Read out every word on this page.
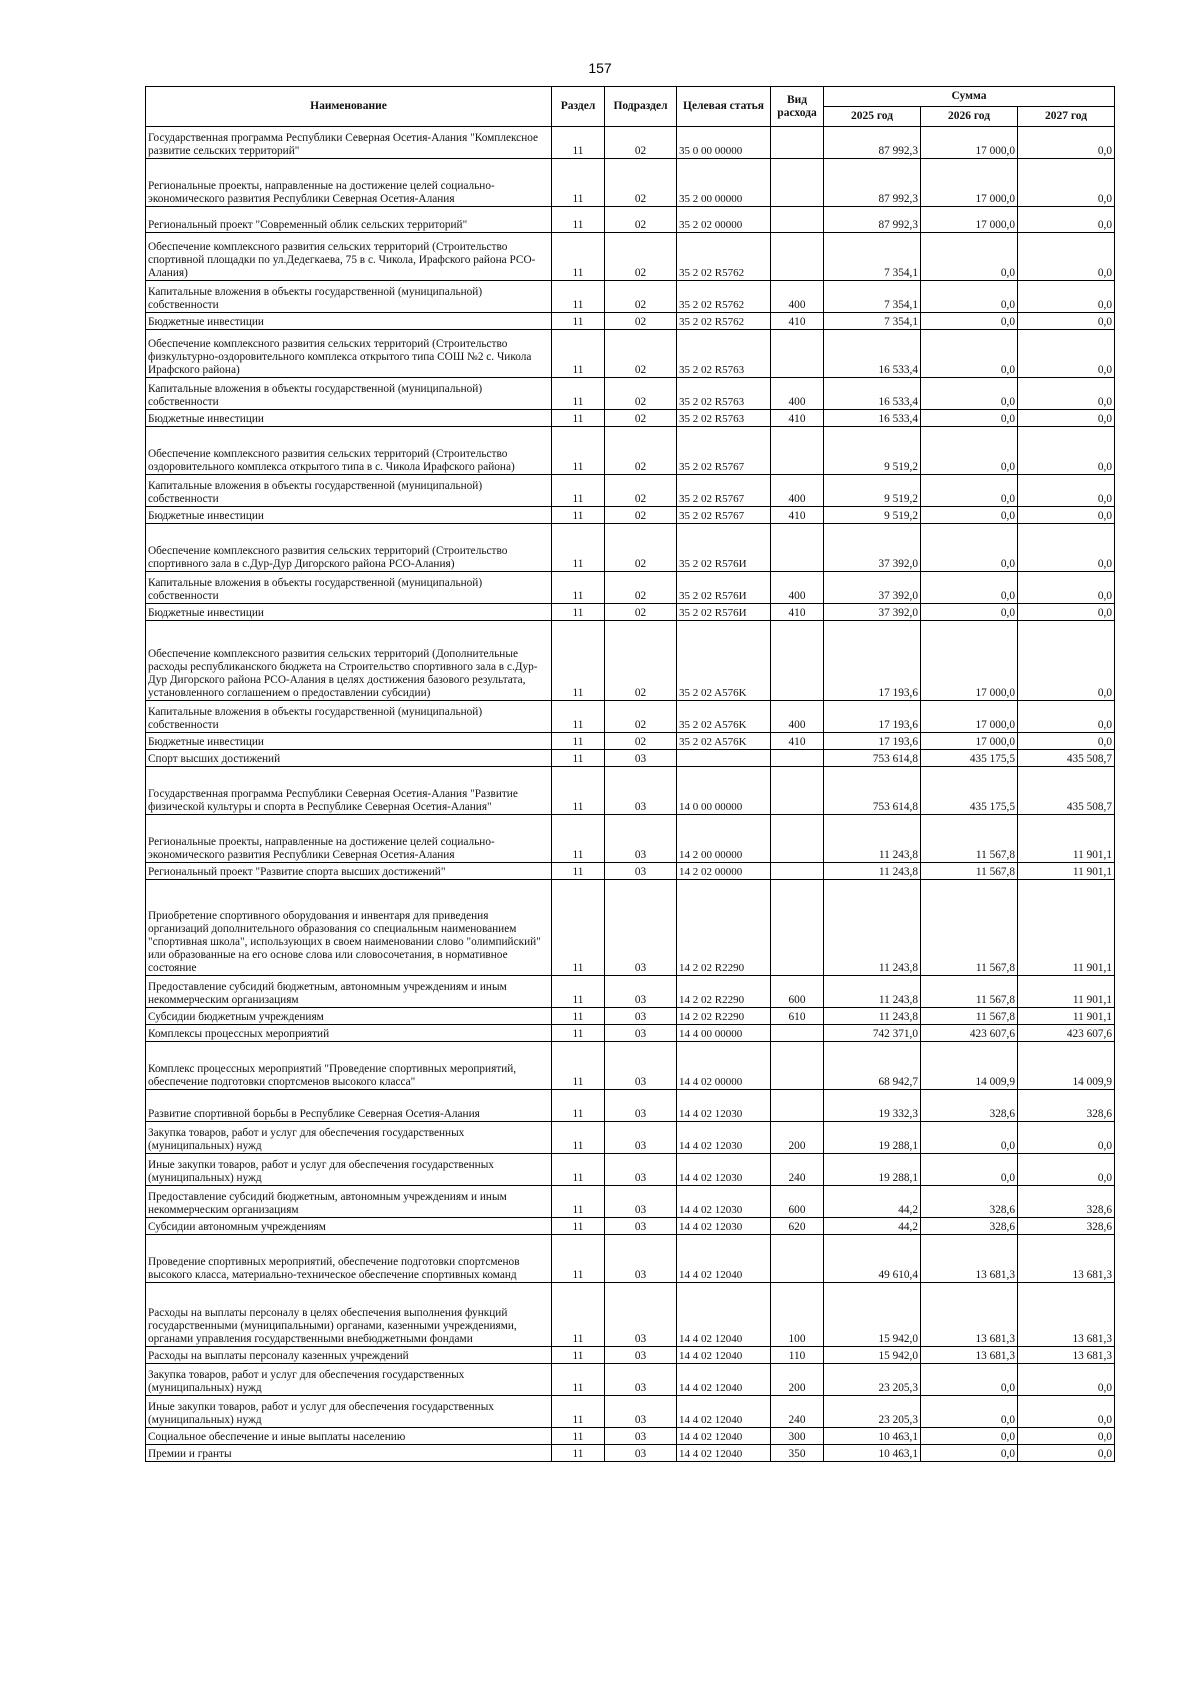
157
Наименование	Раздел	Подраздел	Целевая статья	Вид расхода	Сумма		
					2025 год	2026 год	2027 год
Государственная программа Республики Северная Осетия-Алания "Комплексное развитие сельских территорий"	11	02	35 0 00 00000		87 992,3	17 000,0	0,0
Региональные проекты, направленные на достижение целей социально-экономического развития Республики Северная Осетия-Алания	11	02	35 2 00 00000		87 992,3	17 000,0	0,0
Региональный проект "Современный облик сельских территорий"	11	02	35 2 02 00000		87 992,3	17 000,0	0,0
Обеспечение комплексного развития сельских территорий (Строительство спортивной площадки по ул.Дедегкаева, 75 в с. Чикола, Ирафского района РСО-Алания)	11	02	35 2 02 R5762		7 354,1	0,0	0,0
Капитальные вложения в объекты государственной (муниципальной) собственности	11	02	35 2 02 R5762	400	7 354,1	0,0	0,0
Бюджетные инвестиции	11	02	35 2 02 R5762	410	7 354,1	0,0	0,0
Обеспечение комплексного развития сельских территорий (Строительство физкультурно-оздоровительного комплекса открытого типа СОШ №2 с. Чикола Ирафского района)	11	02	35 2 02 R5763		16 533,4	0,0	0,0
Капитальные вложения в объекты государственной (муниципальной) собственности	11	02	35 2 02 R5763	400	16 533,4	0,0	0,0
Бюджетные инвестиции	11	02	35 2 02 R5763	410	16 533,4	0,0	0,0
Обеспечение комплексного развития сельских территорий (Строительство оздоровительного комплекса открытого типа в с. Чикола Ирафского района)	11	02	35 2 02 R5767		9 519,2	0,0	0,0
Капитальные вложения в объекты государственной (муниципальной) собственности	11	02	35 2 02 R5767	400	9 519,2	0,0	0,0
Бюджетные инвестиции	11	02	35 2 02 R5767	410	9 519,2	0,0	0,0
Обеспечение комплексного развития сельских территорий (Строительство спортивного зала в с.Дур-Дур Дигорского района РСО-Алания)	11	02	35 2 02 R576И		37 392,0	0,0	0,0
Капитальные вложения в объекты государственной (муниципальной) собственности	11	02	35 2 02 R576И	400	37 392,0	0,0	0,0
Бюджетные инвестиции	11	02	35 2 02 R576И	410	37 392,0	0,0	0,0
Обеспечение комплексного развития сельских территорий (Дополнительные расходы республиканского бюджета на Строительство спортивного зала в с.Дур-Дур Дигорского района РСО-Алания в целях достижения базового результата, установленного соглашением о предоставлении субсидии)	11	02	35 2 02 A576K		17 193,6	17 000,0	0,0
Капитальные вложения в объекты государственной (муниципальной) собственности	11	02	35 2 02 A576K	400	17 193,6	17 000,0	0,0
Бюджетные инвестиции	11	02	35 2 02 A576K	410	17 193,6	17 000,0	0,0
Спорт высших достижений	11	03			753 614,8	435 175,5	435 508,7
Государственная программа Республики Северная Осетия-Алания "Развитие физической культуры и спорта в Республике Северная Осетия-Алания"	11	03	14 0 00 00000		753 614,8	435 175,5	435 508,7
Региональные проекты, направленные на достижение целей социально-экономического развития Республики Северная Осетия-Алания	11	03	14 2 00 00000		11 243,8	11 567,8	11 901,1
Региональный проект "Развитие спорта высших достижений"	11	03	14 2 02 00000		11 243,8	11 567,8	11 901,1
Приобретение спортивного оборудования и инвентаря для приведения организаций дополнительного образования со специальным наименованием "спортивная школа", использующих в своем наименовании слово "олимпийский" или образованные на его основе слова или словосочетания, в нормативное состояние	11	03	14 2 02 R2290		11 243,8	11 567,8	11 901,1
Предоставление субсидий бюджетным, автономным учреждениям и иным некоммерческим организациям	11	03	14 2 02 R2290	600	11 243,8	11 567,8	11 901,1
Субсидии бюджетным учреждениям	11	03	14 2 02 R2290	610	11 243,8	11 567,8	11 901,1
Комплексы процессных мероприятий	11	03	14 4 00 00000		742 371,0	423 607,6	423 607,6
Комплекс процессных мероприятий "Проведение спортивных мероприятий, обеспечение подготовки спортсменов высокого класса"	11	03	14 4 02 00000		68 942,7	14 009,9	14 009,9
Развитие спортивной борьбы в Республике Северная Осетия-Алания	11	03	14 4 02 12030		19 332,3	328,6	328,6
Закупка товаров, работ и услуг для обеспечения государственных (муниципальных) нужд	11	03	14 4 02 12030	200	19 288,1	0,0	0,0
Иные закупки товаров, работ и услуг для обеспечения государственных (муниципальных) нужд	11	03	14 4 02 12030	240	19 288,1	0,0	0,0
Предоставление субсидий бюджетным, автономным учреждениям и иным некоммерческим организациям	11	03	14 4 02 12030	600	44,2	328,6	328,6
Субсидии автономным учреждениям	11	03	14 4 02 12030	620	44,2	328,6	328,6
Проведение спортивных мероприятий, обеспечение подготовки спортсменов высокого класса, материально-техническое обеспечение спортивных команд	11	03	14 4 02 12040		49 610,4	13 681,3	13 681,3
Расходы на выплаты персоналу в целях обеспечения выполнения функций государственными (муниципальными) органами, казенными учреждениями, органами управления государственными внебюджетными фондами	11	03	14 4 02 12040	100	15 942,0	13 681,3	13 681,3
Расходы на выплаты персоналу казенных учреждений	11	03	14 4 02 12040	110	15 942,0	13 681,3	13 681,3
Закупка товаров, работ и услуг для обеспечения государственных (муниципальных) нужд	11	03	14 4 02 12040	200	23 205,3	0,0	0,0
Иные закупки товаров, работ и услуг для обеспечения государственных (муниципальных) нужд	11	03	14 4 02 12040	240	23 205,3	0,0	0,0
Социальное обеспечение и иные выплаты населению	11	03	14 4 02 12040	300	10 463,1	0,0	0,0
Премии и гранты	11	03	14 4 02 12040	350	10 463,1	0,0	0,0
